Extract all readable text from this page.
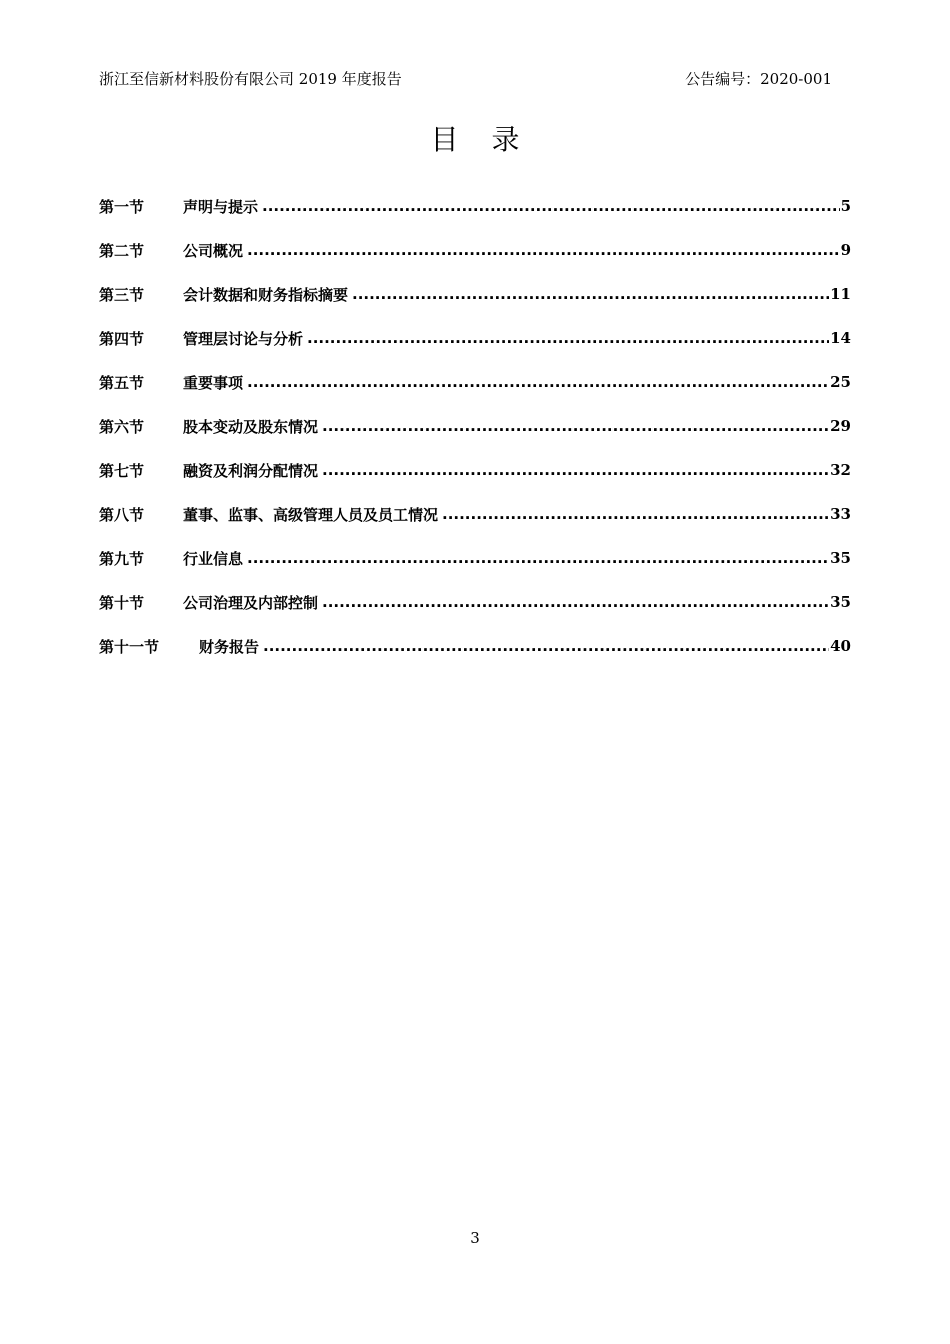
浙江至信新材料股份有限公司 2019 年度报告	公告编号：2020-001
目 录
第一节	声明与提示 .....	5
第二节	公司概况 .....	9
第三节	会计数据和财务指标摘要 .....	11
第四节	管理层讨论与分析 .....	14
第五节	重要事项 .....	25
第六节	股本变动及股东情况 .....	29
第七节	融资及利润分配情况 .....	32
第八节	董事、监事、高级管理人员及员工情况 .....	33
第九节	行业信息 .....	35
第十节	公司治理及内部控制 .....	35
第十一节	财务报告 .....	40
3
